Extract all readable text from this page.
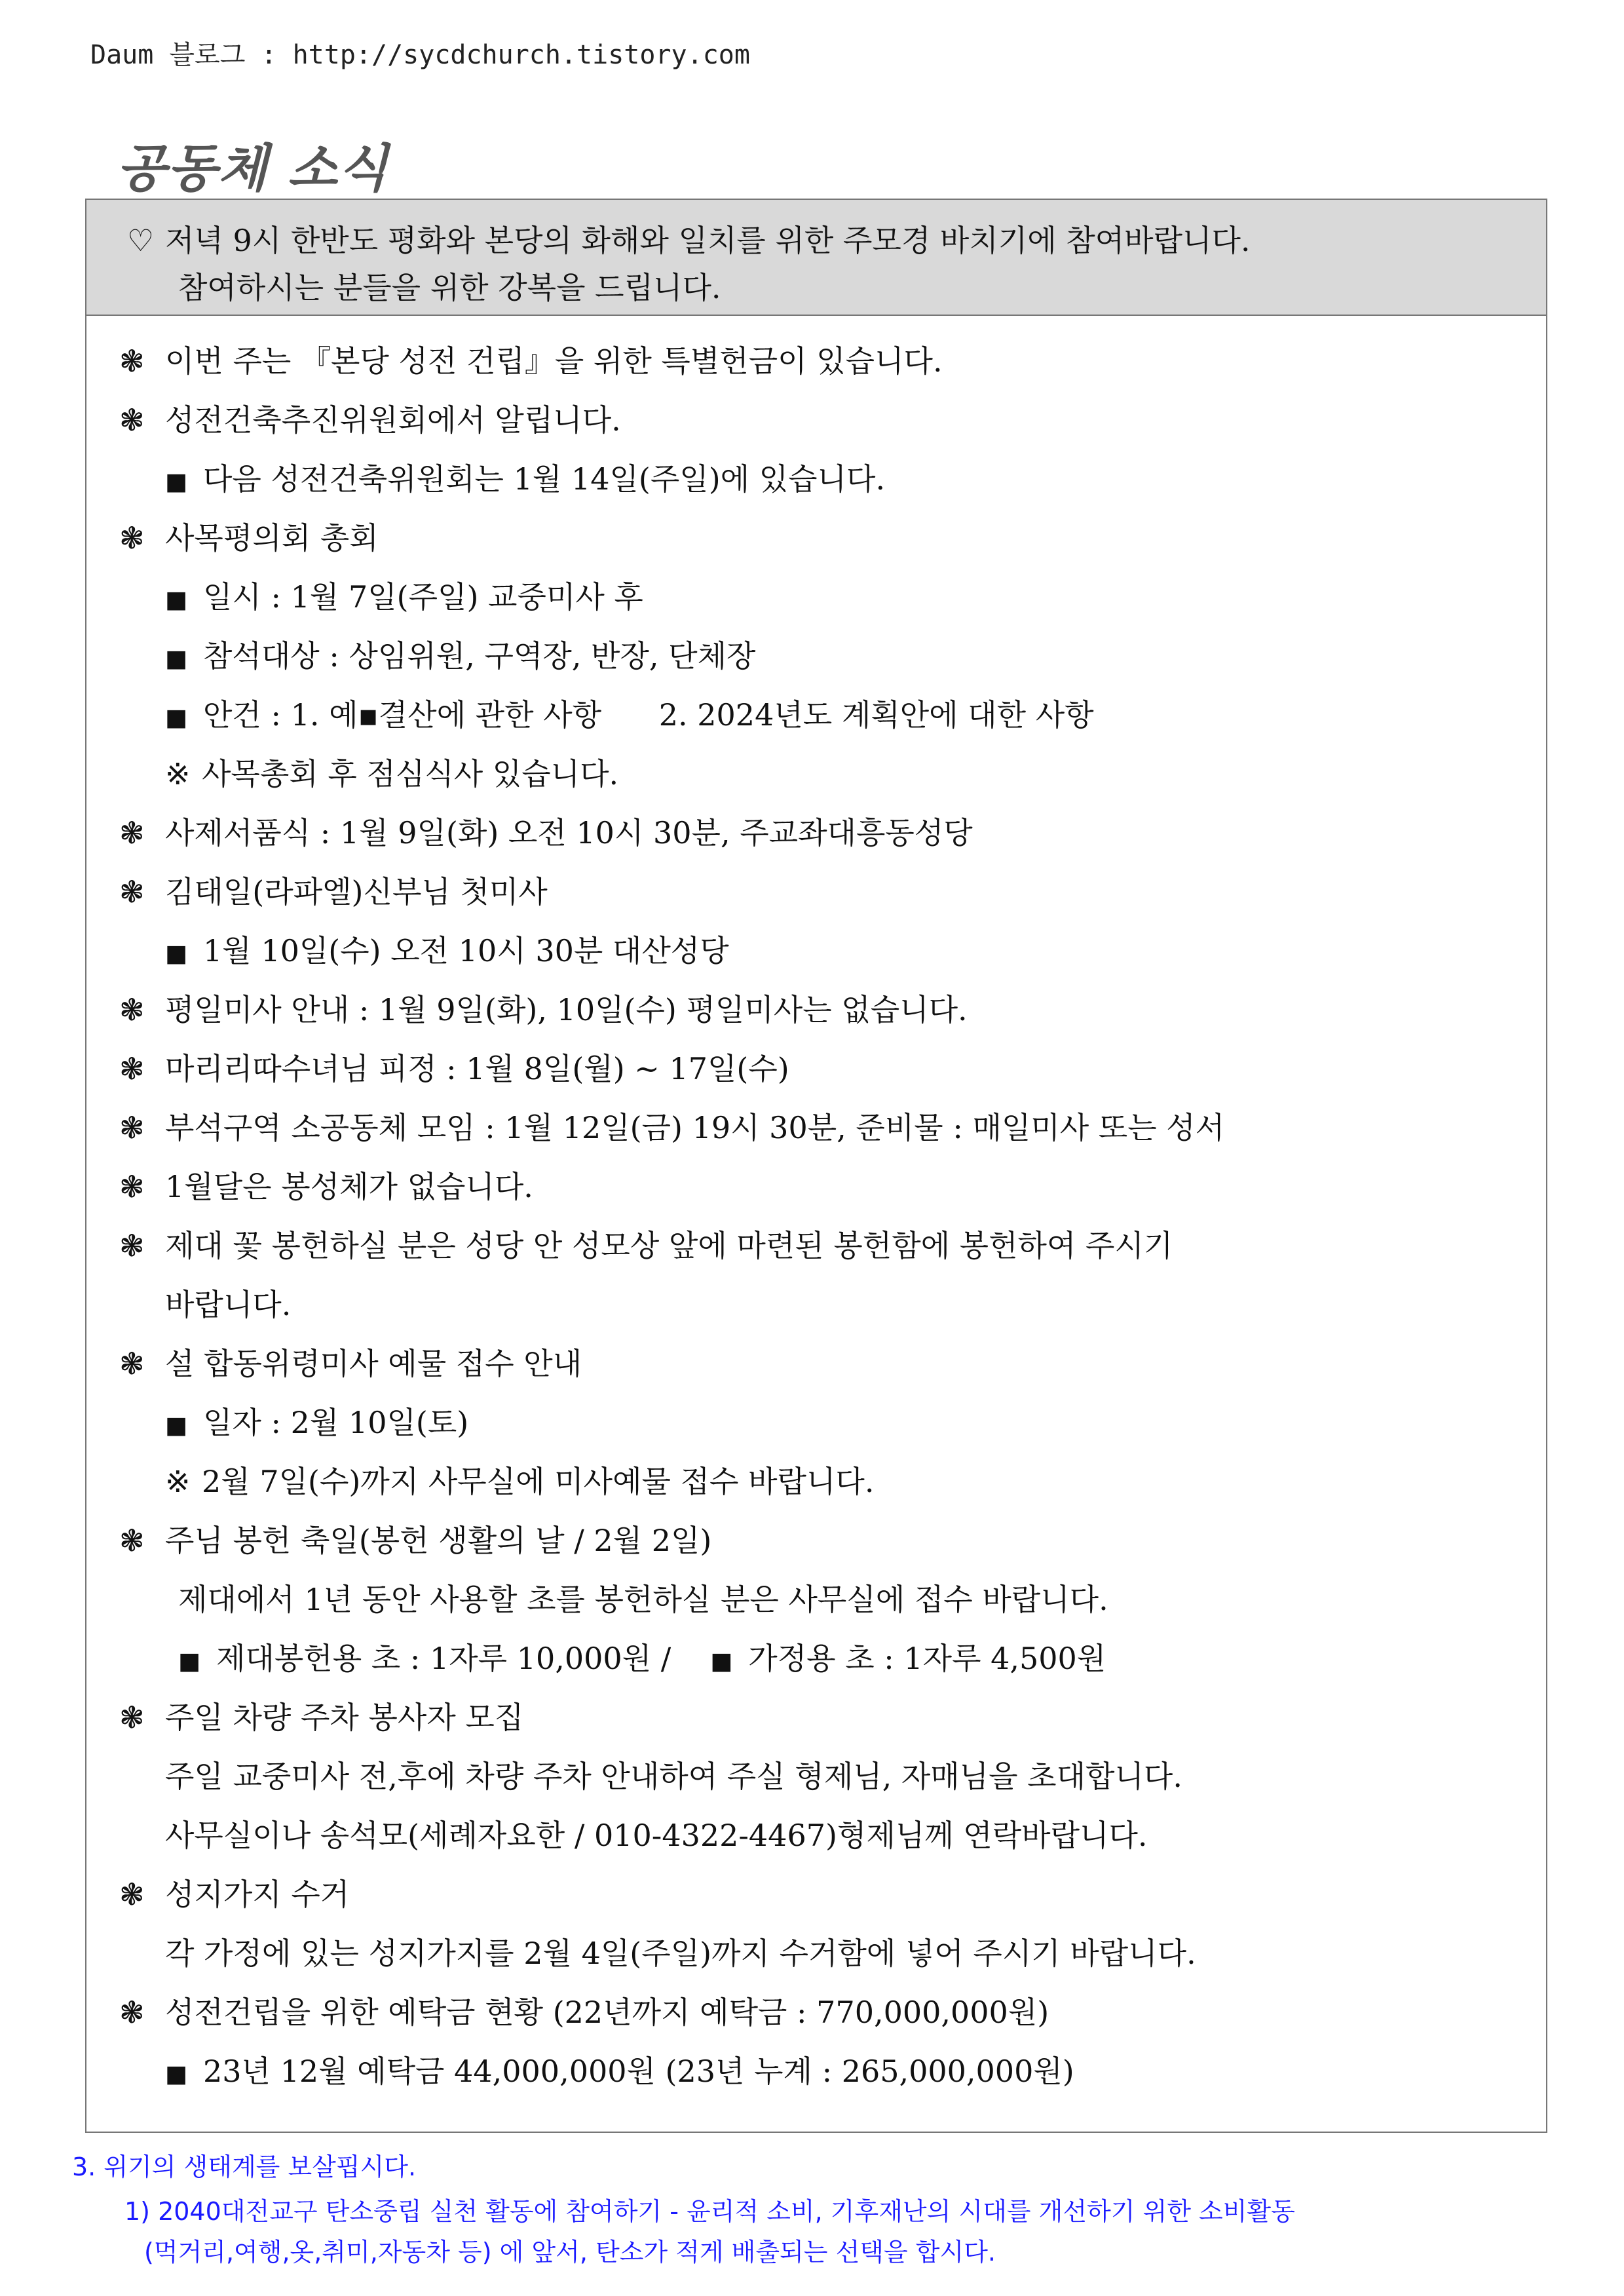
Daum 블로그 : http://sycdchurch.tistory.com
공동체 소식
♡ 저녁 9시 한반도 평화와 본당의 화해와 일치를 위한 주모경 바치기에 참여바랍니다.
참여하시는 분들을 위한 강복을 드립니다.
❃ 이번 주는 『본당 성전 건립』을 위한 특별헌금이 있습니다.
❃ 성전건축추진위원회에서 알립니다.
■ 다음 성전건축위원회는 1월 14일(주일)에 있습니다.
❃ 사목평의회 총회
■ 일시 : 1월 7일(주일) 교중미사 후
■ 참석대상 : 상임위원, 구역장, 반장, 단체장
■ 안건 : 1. 예▪결산에 관한 사항      2. 2024년도 계획안에 대한 사항
※ 사목총회 후 점심식사 있습니다.
❃ 사제서품식 : 1월 9일(화) 오전 10시 30분, 주교좌대흥동성당
❃ 김태일(라파엘)신부님 첫미사
■ 1월 10일(수) 오전 10시 30분 대산성당
❃ 평일미사 안내 : 1월 9일(화), 10일(수) 평일미사는 없습니다.
❃ 마리리따수녀님 피정 : 1월 8일(월) ~ 17일(수)
❃ 부석구역 소공동체 모임 : 1월 12일(금) 19시 30분, 준비물 : 매일미사 또는 성서
❃ 1월달은 봉성체가 없습니다.
❃ 제대 꽃 봉헌하실 분은 성당 안 성모상 앞에 마련된 봉헌함에 봉헌하여 주시기
바랍니다.
❃ 설 합동위령미사 예물 접수 안내
■ 일자 : 2월 10일(토)
※ 2월 7일(수)까지 사무실에 미사예물 접수 바랍니다.
❃ 주님 봉헌 축일(봉헌 생활의 날 / 2월 2일)
제대에서 1년 동안 사용할 초를 봉헌하실 분은 사무실에 접수 바랍니다.
■ 제대봉헌용 초 : 1자루 10,000원 / ■ 가정용 초 : 1자루 4,500원
❃ 주일 차량 주차 봉사자 모집
주일 교중미사 전,후에 차량 주차 안내하여 주실 형제님, 자매님을 초대합니다.
사무실이나 송석모(세례자요한 / 010-4322-4467)형제님께 연락바랍니다.
❃ 성지가지 수거
각 가정에 있는 성지가지를 2월 4일(주일)까지 수거함에 넣어 주시기 바랍니다.
❃ 성전건립을 위한 예탁금 현황 (22년까지 예탁금 : 770,000,000원)
■ 23년 12월 예탁금 44,000,000원 (23년 누계 : 265,000,000원)
3. 위기의 생태계를 보살핍시다.
1) 2040대전교구 탄소중립 실천 활동에 참여하기 - 윤리적 소비, 기후재난의 시대를 개선하기 위한 소비활동
(먹거리,여행,옷,취미,자동차 등) 에 앞서, 탄소가 적게 배출되는 선택을 합시다.
